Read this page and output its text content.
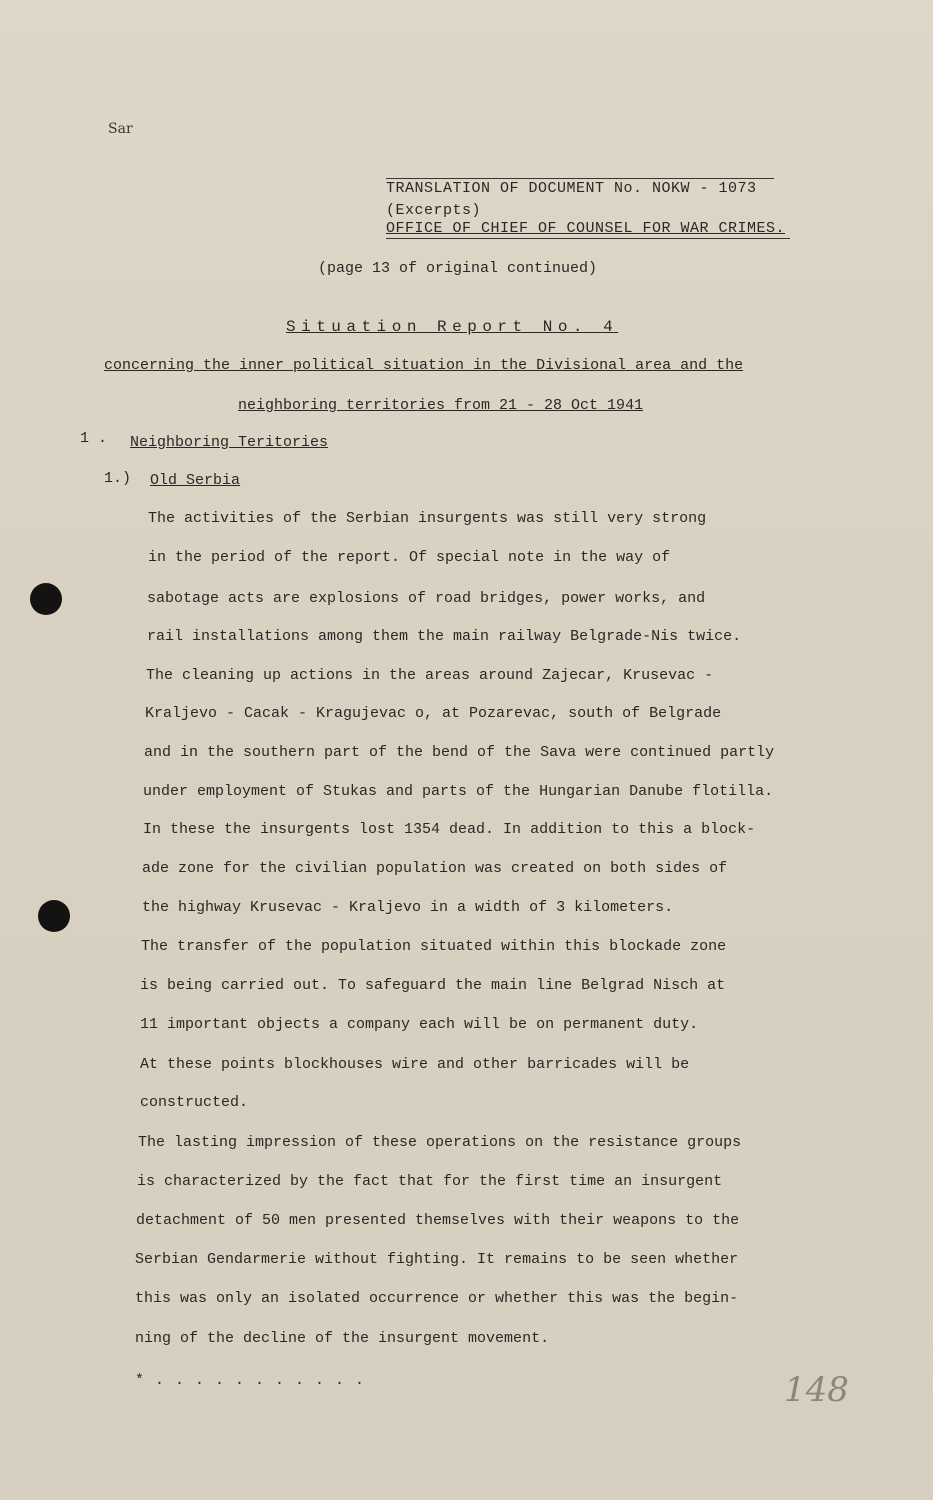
Sar
TRANSLATION OF DOCUMENT No. NOKW - 1073
(Excerpts)
OFFICE OF CHIEF OF COUNSEL FOR WAR CRIMES.
(page 13 of original continued)
Situation Report No. 4
concerning the inner political situation in the Divisional area and the
neighboring territories from 21 - 28 Oct 1941
1 . Neighboring Teritories
1.) Old Serbia
The activities of the Serbian insurgents was still very strong
in the period of the report. Of special note in the way of
sabotage acts are explosions of road bridges, power works, and
rail installations among them the main railway Belgrade-Nis twice.
The cleaning up actions in the areas around Zajecar, Krusevac -
Kraljevo - Cacak - Kragujevac o, at Pozarevac, south of Belgrade
and in the southern part of the bend of the Sava were continued partly
under employment of Stukas and parts of the Hungarian Danube flotilla.
In these the insurgents lost 1354 dead. In addition to this a block-
ade zone for the civilian population was created on both sides of
the highway Krusevac - Kraljevo in a width of 3 kilometers.
The transfer of the population situated within this blockade zone
is being carried out. To safeguard the main line Belgrad Nisch at
11 important objects a company each will be on permanent duty.
At these points blockhouses wire and other barricades will be
constructed.
The lasting impression of these operations on the resistance groups
is characterized by the fact that for the first time an insurgent
detachment of 50 men presented themselves with their weapons to the
Serbian Gendarmerie without fighting. It remains to be seen whether
this was only an isolated occurrence or whether this was the begin-
ning of the decline of the insurgent movement.
* . . . . . . . . . . .	148
